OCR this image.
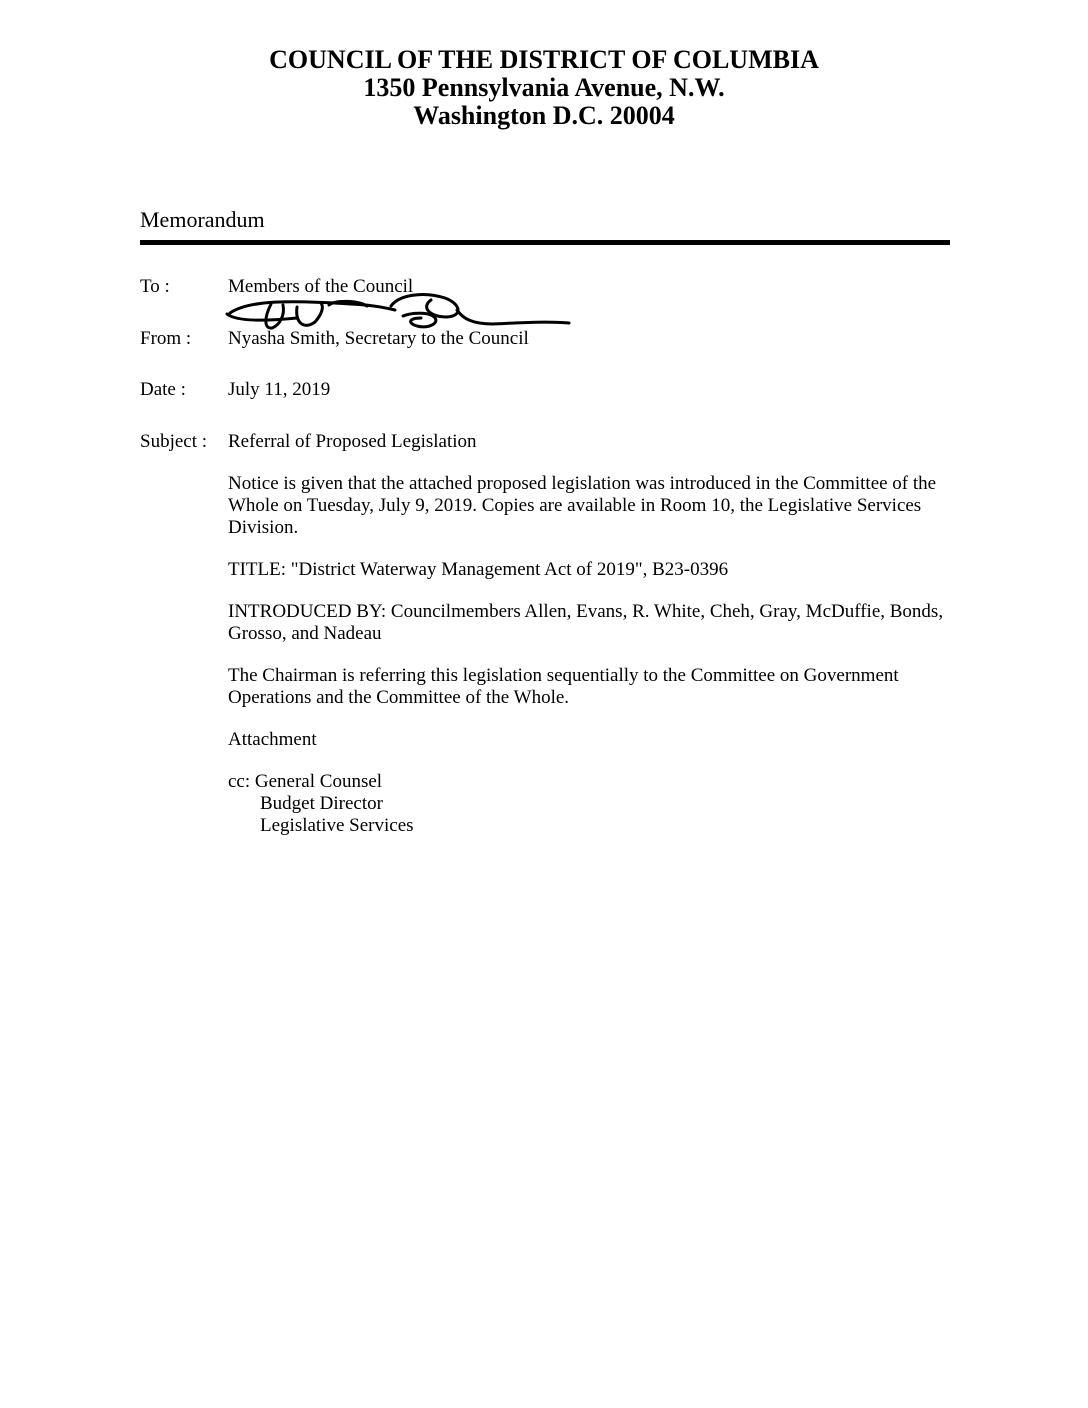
COUNCIL OF THE DISTRICT OF COLUMBIA
1350 Pennsylvania Avenue, N.W.
Washington D.C. 20004
Memorandum
To :	Members of the Council
From : Nyasha Smith, Secretary to the Council
Date : July 11, 2019
Subject : Referral of Proposed Legislation

Notice is given that the attached proposed legislation was introduced in the Committee of the Whole on Tuesday, July 9, 2019. Copies are available in Room 10, the Legislative Services Division.

TITLE: "District Waterway Management Act of 2019", B23-0396

INTRODUCED BY: Councilmembers Allen, Evans, R. White, Cheh, Gray, McDuffie, Bonds, Grosso, and Nadeau

The Chairman is referring this legislation sequentially to the Committee on Government Operations and the Committee of the Whole.

Attachment

cc: General Counsel
Budget Director
Legislative Services
